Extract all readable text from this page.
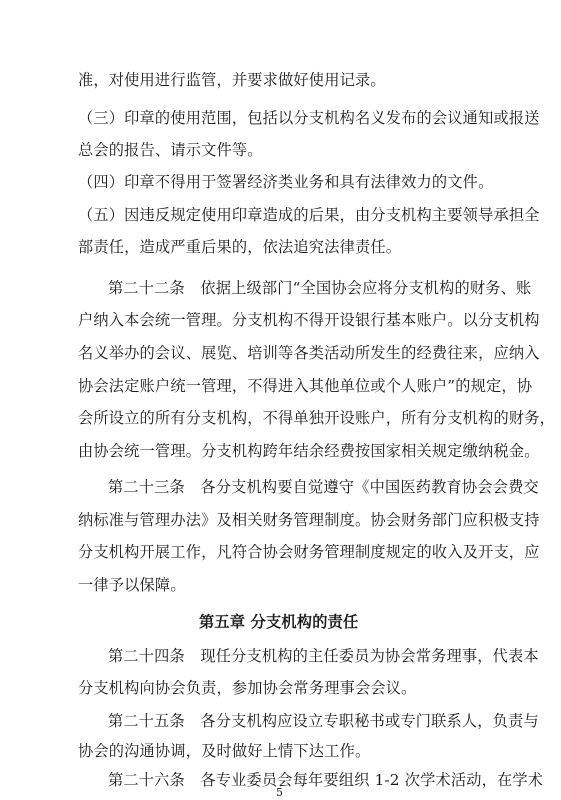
准，对使用进行监管，并要求做好使用记录。
（三）印章的使用范围，包括以分支机构名义发布的会议通知或报送
总会的报告、请示文件等。
（四）印章不得用于签署经济类业务和具有法律效力的文件。
（五）因违反规定使用印章造成的后果，由分支机构主要领导承担全
部责任，造成严重后果的，依法追究法律责任。
第二十二条　依据上级部门“全国协会应将分支机构的财务、账
户纳入本会统一管理。分支机构不得开设银行基本账户。以分支机构
名义举办的会议、展览、培训等各类活动所发生的经费往来，应纳入
协会法定账户统一管理，不得进入其他单位或个人账户”的规定，协
会所设立的所有分支机构，不得单独开设账户，所有分支机构的财务，
由协会统一管理。分支机构跨年结余经费按国家相关规定缴纳税金。
第二十三条　各分支机构要自觉遵守《中国医药教育协会会费交
纳标准与管理办法》及相关财务管理制度。协会财务部门应积极支持
分支机构开展工作，凡符合协会财务管理制度规定的收入及开支，应
一律予以保障。
第五章 分支机构的责任
第二十四条　现任分支机构的主任委员为协会常务理事，代表本
分支机构向协会负责，参加协会常务理事会会议。
第二十五条　各分支机构应设立专职秘书或专门联系人，负责与
协会的沟通协调，及时做好上情下达工作。
第二十六条　各专业委员会每年要组织 1-2 次学术活动，在学术
5
